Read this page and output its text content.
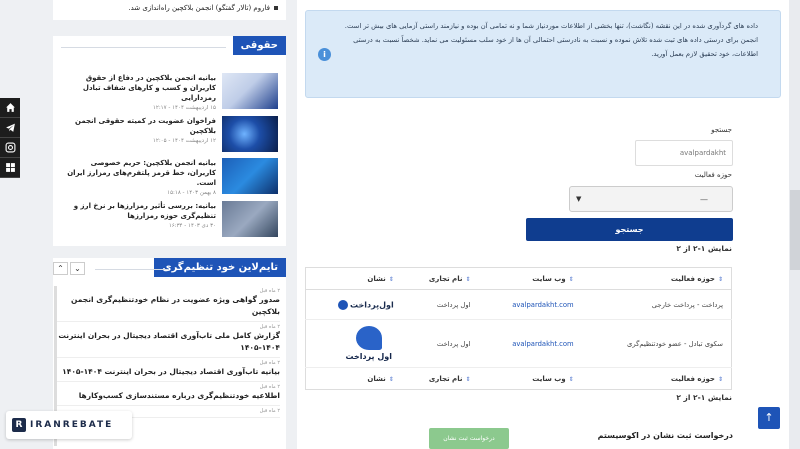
فاروم (تالار گفتگو) انجمن بلاکچین راه‌اندازی شد.
حقوقی
بیانیه انجمن بلاکچین در دفاع از حقوق کاربران و کسب‌ و کارهای شفاف تبادل رمزدارایی
۱۵ اردیبهشت ۱۴۰۴ - ۱۲:۱۷
فراخوان عضویت در کمیته حقوقی انجمن بلاکچین
۱۲ اردیبهشت ۱۴۰۴ - ۱۲:۰۵
بیانیه انجمن بلاکچین: حریم خصوصی کاربران، خط قرمز پلتفرم‌های رمزارز ایران است.
۸ بهمن ۱۴۰۳ - ۱۵:۱۸
بیانیه: بررسی تأثیر رمزارزها بر نرخ ارز و تنظیم‌گری حوزه رمزارزها
۳۰ دی ۱۴۰۳ - ۱۶:۳۴
تایم‌لاین خود تنظیم‌گری
⌃	⌄
۲ ماه قبل
صدور گواهی ویژه عضویت در نظام خودتنظیم‌گری انجمن بلاکچین
۲ ماه قبل
گزارش کامل ملی تاب‌آوری اقتصاد دیجیتال در بحران اینترنت ۱۴۰۴-۱۴۰۵
۲ ماه قبل
بیانیه تاب‌آوری اقتصاد دیجیتال در بحران اینترنت ۱۴۰۴-۱۴۰۵
۲ ماه قبل
اطلاعیه خودتنظیم‌گری درباره مستندسازی کسب‌وکارها
۲ ماه قبل
R IRANREBATE
داده های گردآوری شده در این نقشه (نگاشت)، تنها بخشی از اطلاعات موردنیاز شما و نه تمامی آن بوده و نیازمند راستی آزمایی های بیش تر است.
انجمن برای درستی داده های ثبت شده تلاش نموده و نسبت به نادرستی احتمالی آن ها از خود سلب مسئولیت می نماید. شخصاً نسبت به درستی اطلاعات، خود تحقیق لازم بعمل آورید.
i
جستجو
avalpardakht
حوزه فعالیت
▼	—
جستجو
نمایش ۱-۲ از ۲
⇕حوزه فعالیت	⇕وب سایت	⇕نام تجاری	⇕نشان
پرداخت - پرداخت خارجی	avalpardakht.com	اول پرداخت	اول‌پرداخت
سکوی تبادل - عضو خودتنظیم‌گری	avalpardakht.com	اول پرداخت	اول پرداخت

⇕حوزه فعالیت	⇕وب سایت	⇕نام تجاری	⇕نشان
نمایش ۱-۲ از ۲
درخواست ثبت نشان در اکوسیستم
درخواست ثبت نشان
↑
